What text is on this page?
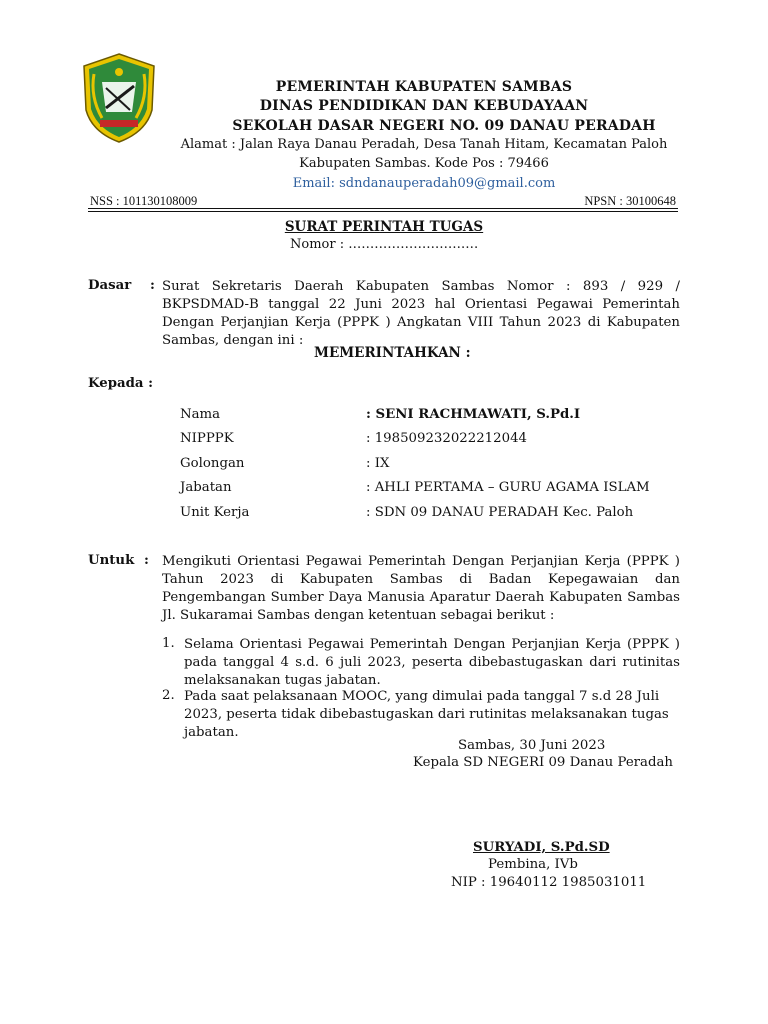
PEMERINTAH KABUPATEN SAMBAS
DINAS PENDIDIKAN DAN KEBUDAYAAN
SEKOLAH DASAR NEGERI NO. 09 DANAU PERADAH
Alamat : Jalan Raya Danau Peradah, Desa Tanah Hitam, Kecamatan Paloh
Kabupaten Sambas. Kode Pos : 79466
Email: sdndanauperadah09@gmail.com
NSS : 101130108009	NPSN : 30100648
SURAT PERINTAH TUGAS
Nomor : …………………………
Dasar : Surat Sekretaris Daerah Kabupaten Sambas Nomor : 893 / 929 / BKPSDMAD-B tanggal 22 Juni 2023 hal Orientasi Pegawai Pemerintah Dengan Perjanjian Kerja (PPPK ) Angkatan VIII Tahun 2023 di Kabupaten Sambas, dengan ini :
MEMERINTAHKAN :
Kepada :
Nama	: SENI RACHMAWATI, S.Pd.I
NIPPPK	: 198509232022212044
Golongan	: IX
Jabatan	: AHLI PERTAMA – GURU AGAMA ISLAM
Unit Kerja	: SDN 09 DANAU PERADAH Kec. Paloh
Untuk : Mengikuti Orientasi Pegawai Pemerintah Dengan Perjanjian Kerja (PPPK ) Tahun 2023 di Kabupaten Sambas di Badan Kepegawaian dan Pengembangan Sumber Daya Manusia Aparatur Daerah Kabupaten Sambas Jl. Sukaramai Sambas dengan ketentuan sebagai berikut :
1. Selama Orientasi Pegawai Pemerintah Dengan Perjanjian Kerja (PPPK ) pada tanggal 4 s.d. 6 juli 2023, peserta dibebastugaskan dari rutinitas melaksanakan tugas jabatan.
2. Pada saat pelaksanaan MOOC, yang dimulai pada tanggal 7 s.d 28 Juli 2023, peserta tidak dibebastugaskan dari rutinitas melaksanakan tugas jabatan.
Sambas, 30 Juni 2023
Kepala SD NEGERI 09 Danau Peradah
SURYADI, S.Pd.SD
Pembina, IVb
NIP : 19640112 1985031011
